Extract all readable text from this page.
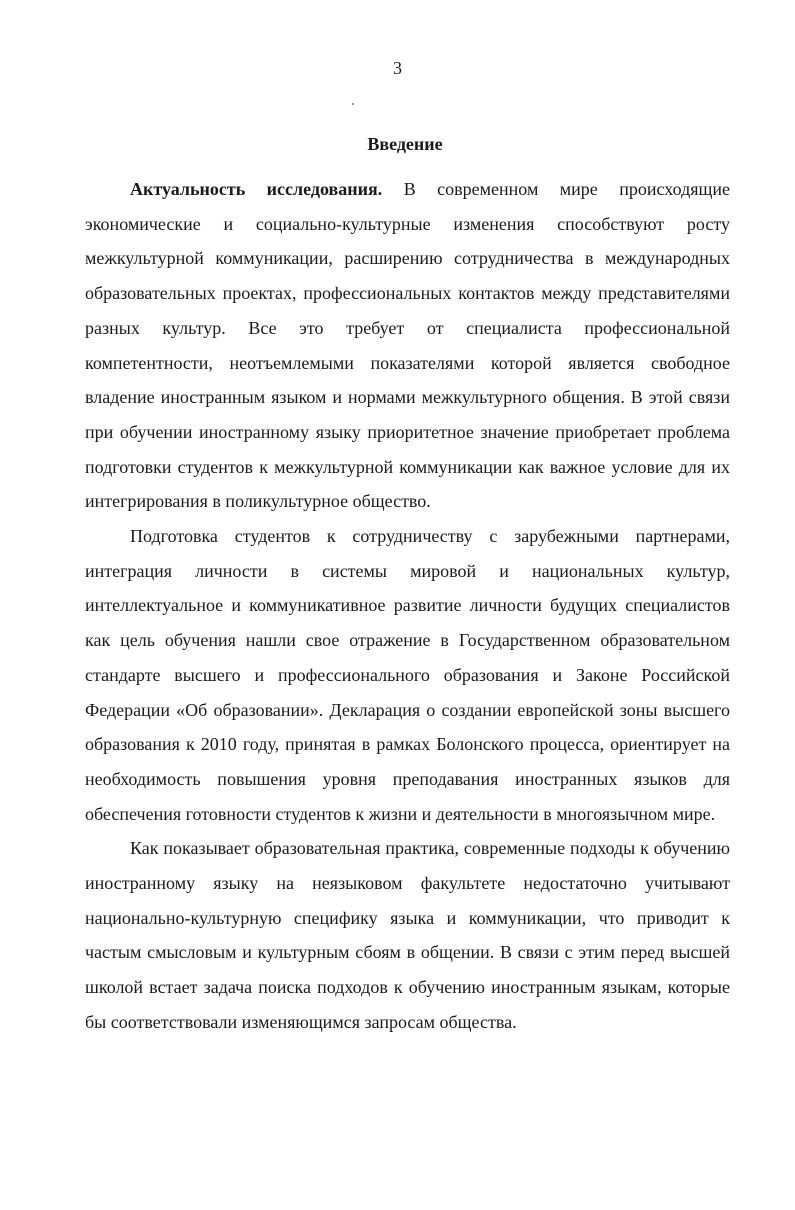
3
Введение

Актуальность исследования. В современном мире происходящие экономические и социально-культурные изменения способствуют росту межкультурной коммуникации, расширению сотрудничества в международных образовательных проектах, профессиональных контактов между представителями разных культур. Все это требует от специалиста профессиональной компетентности, неотъемлемыми показателями которой является свободное владение иностранным языком и нормами межкультурного общения. В этой связи при обучении иностранному языку приоритетное значение приобретает проблема подготовки студентов к межкультурной коммуникации как важное условие для их интегрирования в поликультурное общество.

Подготовка студентов к сотрудничеству с зарубежными партнерами, интеграция личности в системы мировой и национальных культур, интеллектуальное и коммуникативное развитие личности будущих специалистов как цель обучения нашли свое отражение в Государственном образовательном стандарте высшего и профессионального образования и Законе Российской Федерации «Об образовании». Декларация о создании европейской зоны высшего образования к 2010 году, принятая в рамках Болонского процесса, ориентирует на необходимость повышения уровня преподавания иностранных языков для обеспечения готовности студентов к жизни и деятельности в многоязычном мире.

Как показывает образовательная практика, современные подходы к обучению иностранному языку на неязыковом факультете недостаточно учитывают национально-культурную специфику языка и коммуникации, что приводит к частым смысловым и культурным сбоям в общении. В связи с этим перед высшей школой встает задача поиска подходов к обучению иностранным языкам, которые бы соответствовали изменяющимся запросам общества.
